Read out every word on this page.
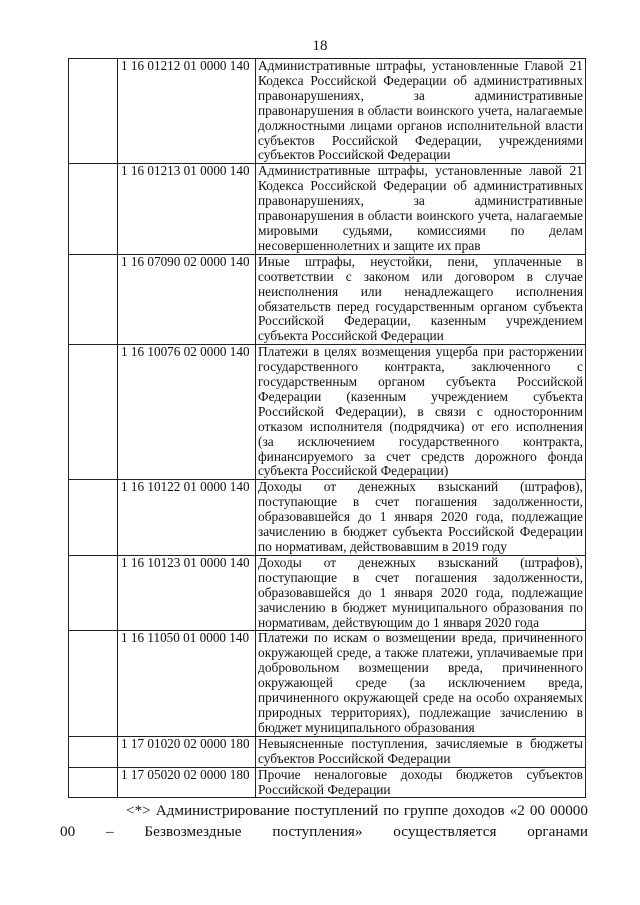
18
	1 16 01212 01 0000 140	Административные штрафы, установленные Главой 21 Кодекса Российской Федерации об административных правонарушениях, за административные правонарушения в области воинского учета, налагаемые должностными лицами органов исполнительной власти субъектов Российской Федерации, учреждениями субъектов Российской Федерации
	1 16 01213 01 0000 140	Административные штрафы, установленные лавой 21 Кодекса Российской Федерации об административных правонарушениях, за административные правонарушения в области воинского учета, налагаемые мировыми судьями, комиссиями по делам несовершеннолетних и защите их прав
	1 16 07090 02 0000 140	Иные штрафы, неустойки, пени, уплаченные в соответствии с законом или договором в случае неисполнения или ненадлежащего исполнения обязательств перед государственным органом субъекта Российской Федерации, казенным учреждением субъекта Российской Федерации
	1 16 10076 02 0000 140	Платежи в целях возмещения ущерба при расторжении государственного контракта, заключенного с государственным органом субъекта Российской Федерации (казенным учреждением субъекта Российской Федерации), в связи с односторонним отказом исполнителя (подрядчика) от его исполнения (за исключением государственного контракта, финансируемого за счет средств дорожного фонда субъекта Российской Федерации)
	1 16 10122 01 0000 140	Доходы от денежных взысканий (штрафов), поступающие в счет погашения задолженности, образовавшейся до 1 января 2020 года, подлежащие зачислению в бюджет субъекта Российской Федерации по нормативам, действовавшим в 2019 году
	1 16 10123 01 0000 140	Доходы от денежных взысканий (штрафов), поступающие в счет погашения задолженности, образовавшейся до 1 января 2020 года, подлежащие зачислению в бюджет муниципального образования по нормативам, действующим до 1 января 2020 года
	1 16 11050 01 0000 140	Платежи по искам о возмещении вреда, причиненного окружающей среде, а также платежи, уплачиваемые при добровольном возмещении вреда, причиненного окружающей среде (за исключением вреда, причиненного окружающей среде на особо охраняемых природных территориях), подлежащие зачислению в бюджет муниципального образования
	1 17 01020 02 0000 180	Невыясненные поступления, зачисляемые в бюджеты субъектов Российской Федерации
	1 17 05020 02 0000 180	Прочие неналоговые доходы бюджетов субъектов Российской Федерации
<*> Администрирование поступлений по группе доходов «2 00 00000 00 – Безвозмездные поступления» осуществляется органами
